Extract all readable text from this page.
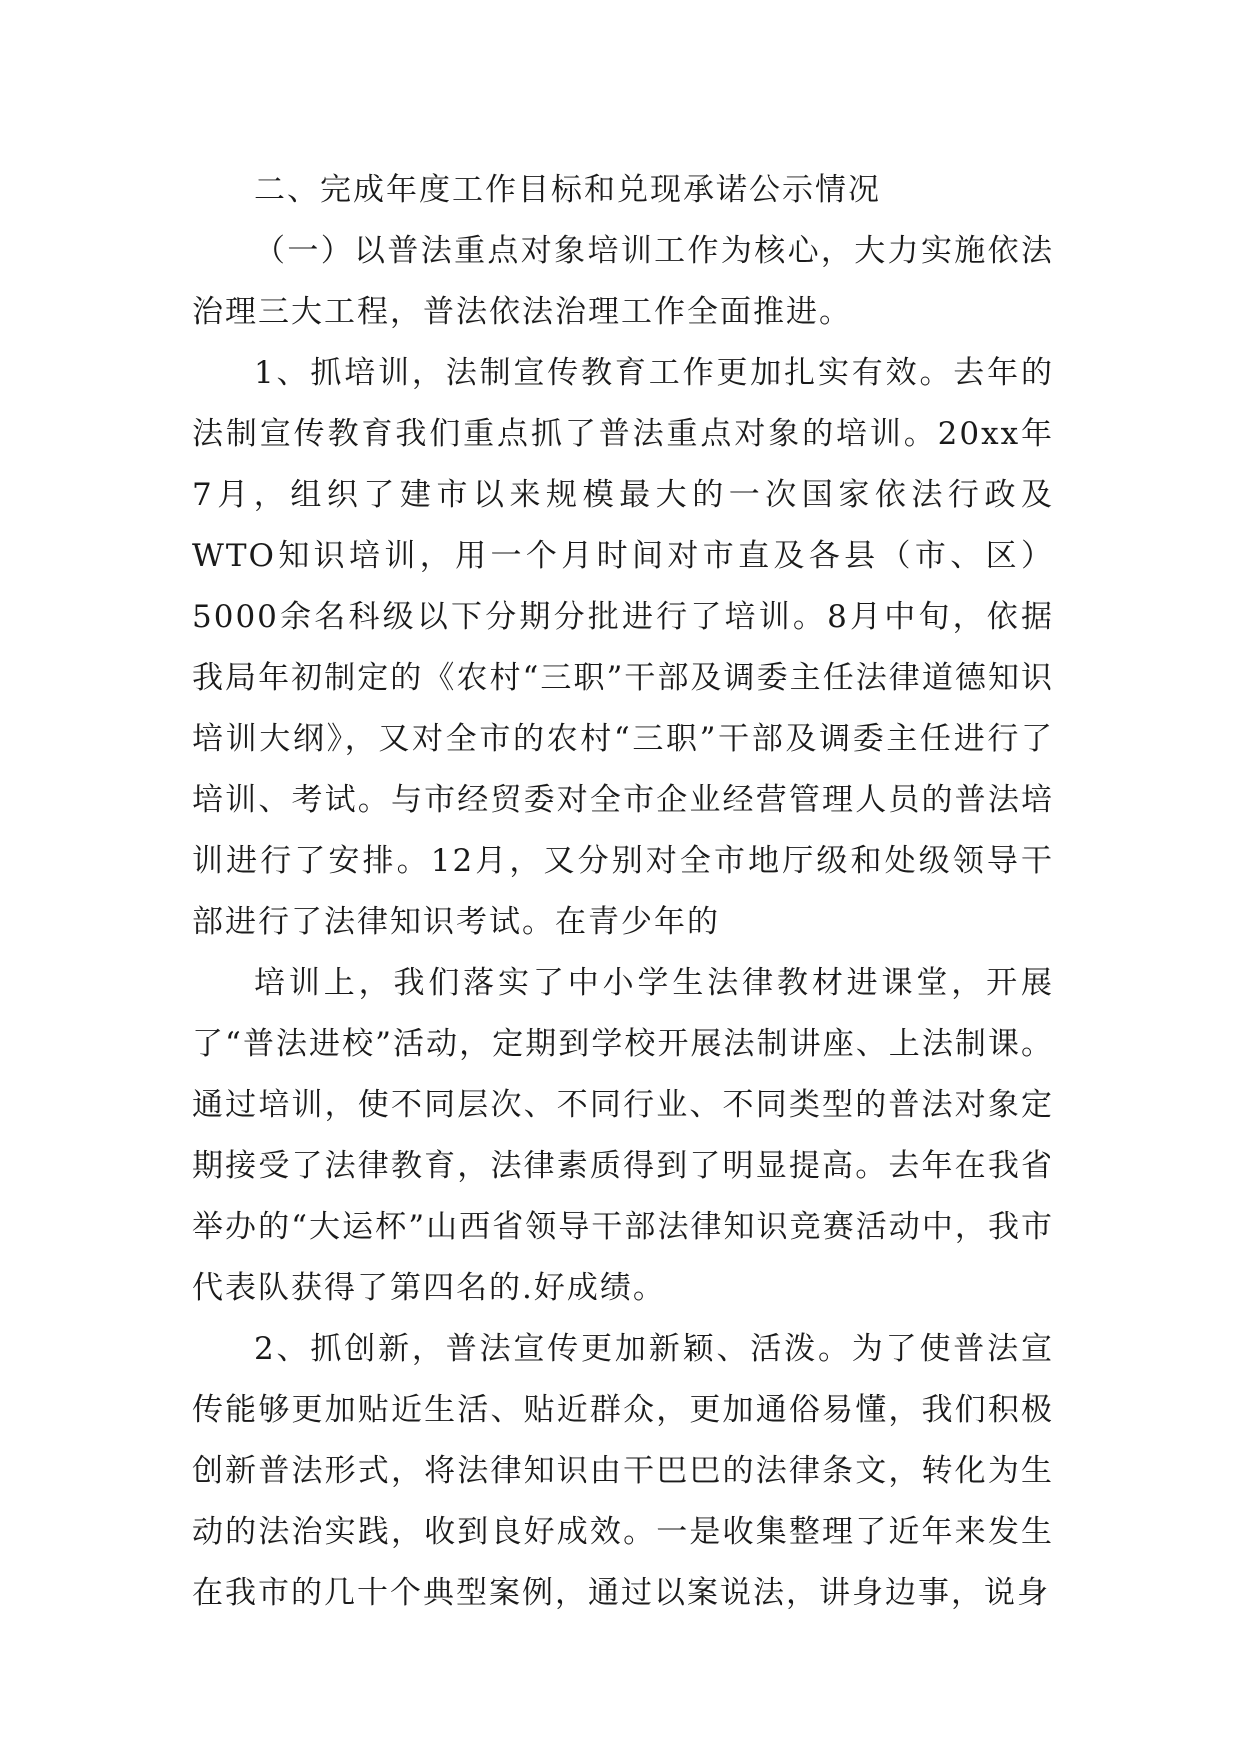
二、完成年度工作目标和兑现承诺公示情况

（一）以普法重点对象培训工作为核心，大力实施依法治理三大工程，普法依法治理工作全面推进。

1、抓培训，法制宣传教育工作更加扎实有效。去年的法制宣传教育我们重点抓了普法重点对象的培训。20xx年7月，组织了建市以来规模最大的一次国家依法行政及WTO知识培训，用一个月时间对市直及各县（市、区）5000余名科级以下分期分批进行了培训。8月中旬，依据我局年初制定的《农村“三职”干部及调委主任法律道德知识培训大纲》，又对全市的农村“三职”干部及调委主任进行了培训、考试。与市经贸委对全市企业经营管理人员的普法培训进行了安排。12月，又分别对全市地厅级和处级领导干部进行了法律知识考试。在青少年的

培训上，我们落实了中小学生法律教材进课堂，开展了“普法进校”活动，定期到学校开展法制讲座、上法制课。通过培训，使不同层次、不同行业、不同类型的普法对象定期接受了法律教育，法律素质得到了明显提高。去年在我省举办的“大运杯”山西省领导干部法律知识竞赛活动中，我市代表队获得了第四名的.好成绩。

2、抓创新，普法宣传更加新颖、活泼。为了使普法宣传能够更加贴近生活、贴近群众，更加通俗易懂，我们积极创新普法形式，将法律知识由干巴巴的法律条文，转化为生动的法治实践，收到良好成效。一是收集整理了近年来发生在我市的几十个典型案例，通过以案说法，讲身边事，说身
